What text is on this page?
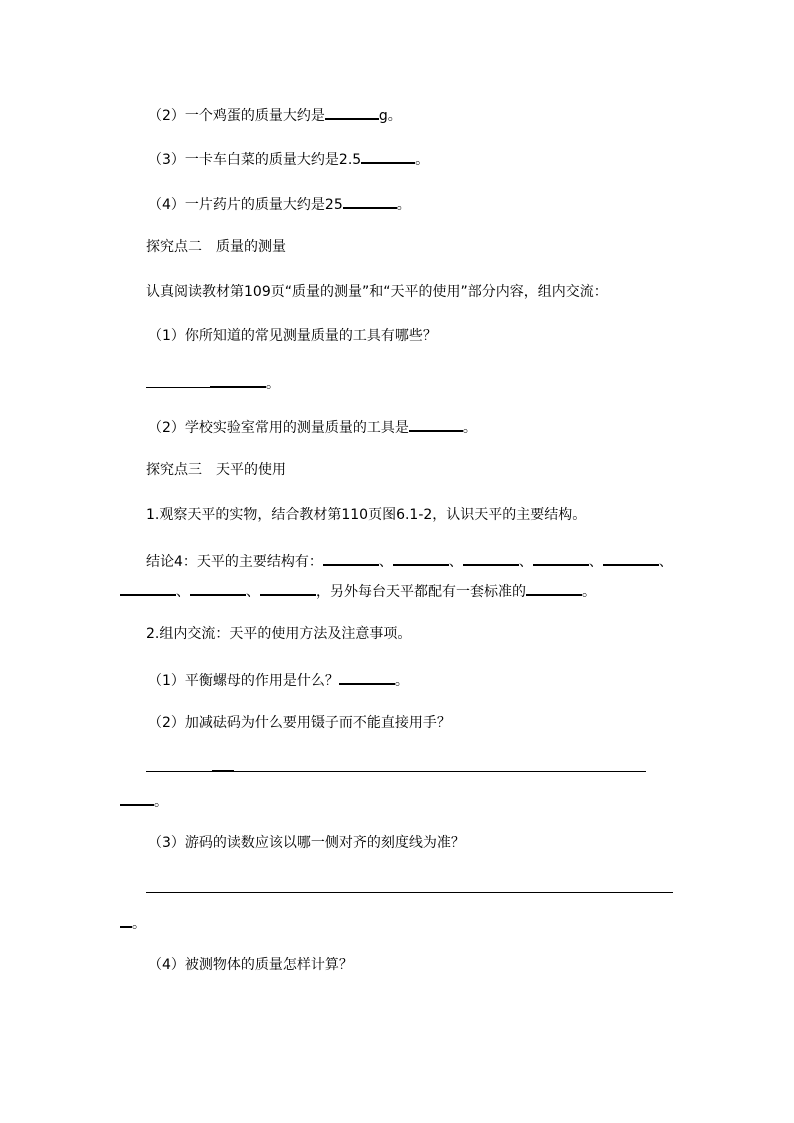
（2）一个鸡蛋的质量大约是	g。
（3）一卡车白菜的质量大约是2.5	。
（4）一片药片的质量大约是25	。
探究点二　质量的测量
认真阅读教材第109页“质量的测量”和“天平的使用”部分内容，组内交流：
（1）你所知道的常见测量质量的工具有哪些？
。
（2）学校实验室常用的测量质量的工具是	。
探究点三　天平的使用
1.观察天平的实物，结合教材第110页图6.1-2，认识天平的主要结构。
结论4：天平的主要结构有：	、	、	、	、	、
、	、	，另外每台天平都配有一套标准的	。
2.组内交流：天平的使用方法及注意事项。
（1）平衡螺母的作用是什么？	。
（2）加减砝码为什么要用镊子而不能直接用手？
。
（3）游码的读数应该以哪一侧对齐的刻度线为准？
。
（4）被测物体的质量怎样计算？
